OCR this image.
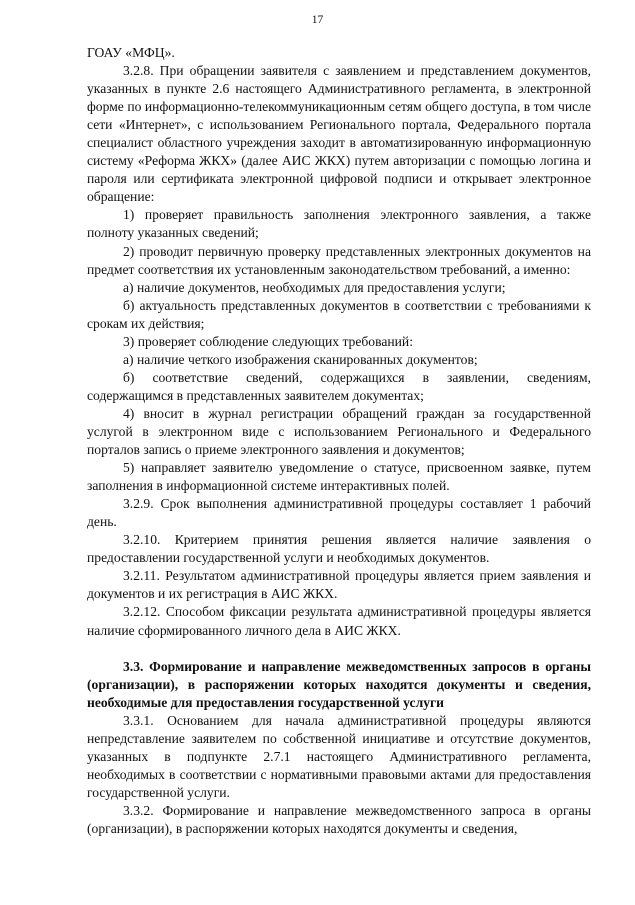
17

ГОАУ «МФЦ».

3.2.8. При обращении заявителя с заявлением и представлением документов, указанных в пункте 2.6 настоящего Административного регламента, в электронной форме по информационно-телекоммуникационным сетям общего доступа, в том числе сети «Интернет», с использованием Регионального портала, Федерального портала специалист областного учреждения заходит в автоматизированную информационную систему «Реформа ЖКХ» (далее АИС ЖКХ) путем авторизации с помощью логина и пароля или сертификата электронной цифровой подписи и открывает электронное обращение:

1) проверяет правильность заполнения электронного заявления, а также полноту указанных сведений;

2) проводит первичную проверку представленных электронных документов на предмет соответствия их установленным законодательством требований, а именно:

а) наличие документов, необходимых для предоставления услуги;

б) актуальность представленных документов в соответствии с требованиями к срокам их действия;

3) проверяет соблюдение следующих требований:

а) наличие четкого изображения сканированных документов;

б) соответствие сведений, содержащихся в заявлении, сведениям, содержащимся в представленных заявителем документах;

4) вносит в журнал регистрации обращений граждан за государственной услугой в электронном виде с использованием Регионального и Федерального порталов запись о приеме электронного заявления и документов;

5) направляет заявителю уведомление о статусе, присвоенном заявке, путем заполнения в информационной системе интерактивных полей.

3.2.9. Срок выполнения административной процедуры составляет 1 рабочий день.

3.2.10. Критерием принятия решения является наличие заявления о предоставлении государственной услуги и необходимых документов.

3.2.11. Результатом административной процедуры является прием заявления и документов и их регистрация в АИС ЖКХ.

3.2.12. Способом фиксации результата административной процедуры является наличие сформированного личного дела в АИС ЖКХ.

3.3. Формирование и направление межведомственных запросов в органы (организации), в распоряжении которых находятся документы и сведения, необходимые для предоставления государственной услуги

3.3.1. Основанием для начала административной процедуры являются непредставление заявителем по собственной инициативе и отсутствие документов, указанных в подпункте 2.7.1 настоящего Административного регламента, необходимых в соответствии с нормативными правовыми актами для предоставления государственной услуги.

3.3.2. Формирование и направление межведомственного запроса в органы (организации), в распоряжении которых находятся документы и сведения,
